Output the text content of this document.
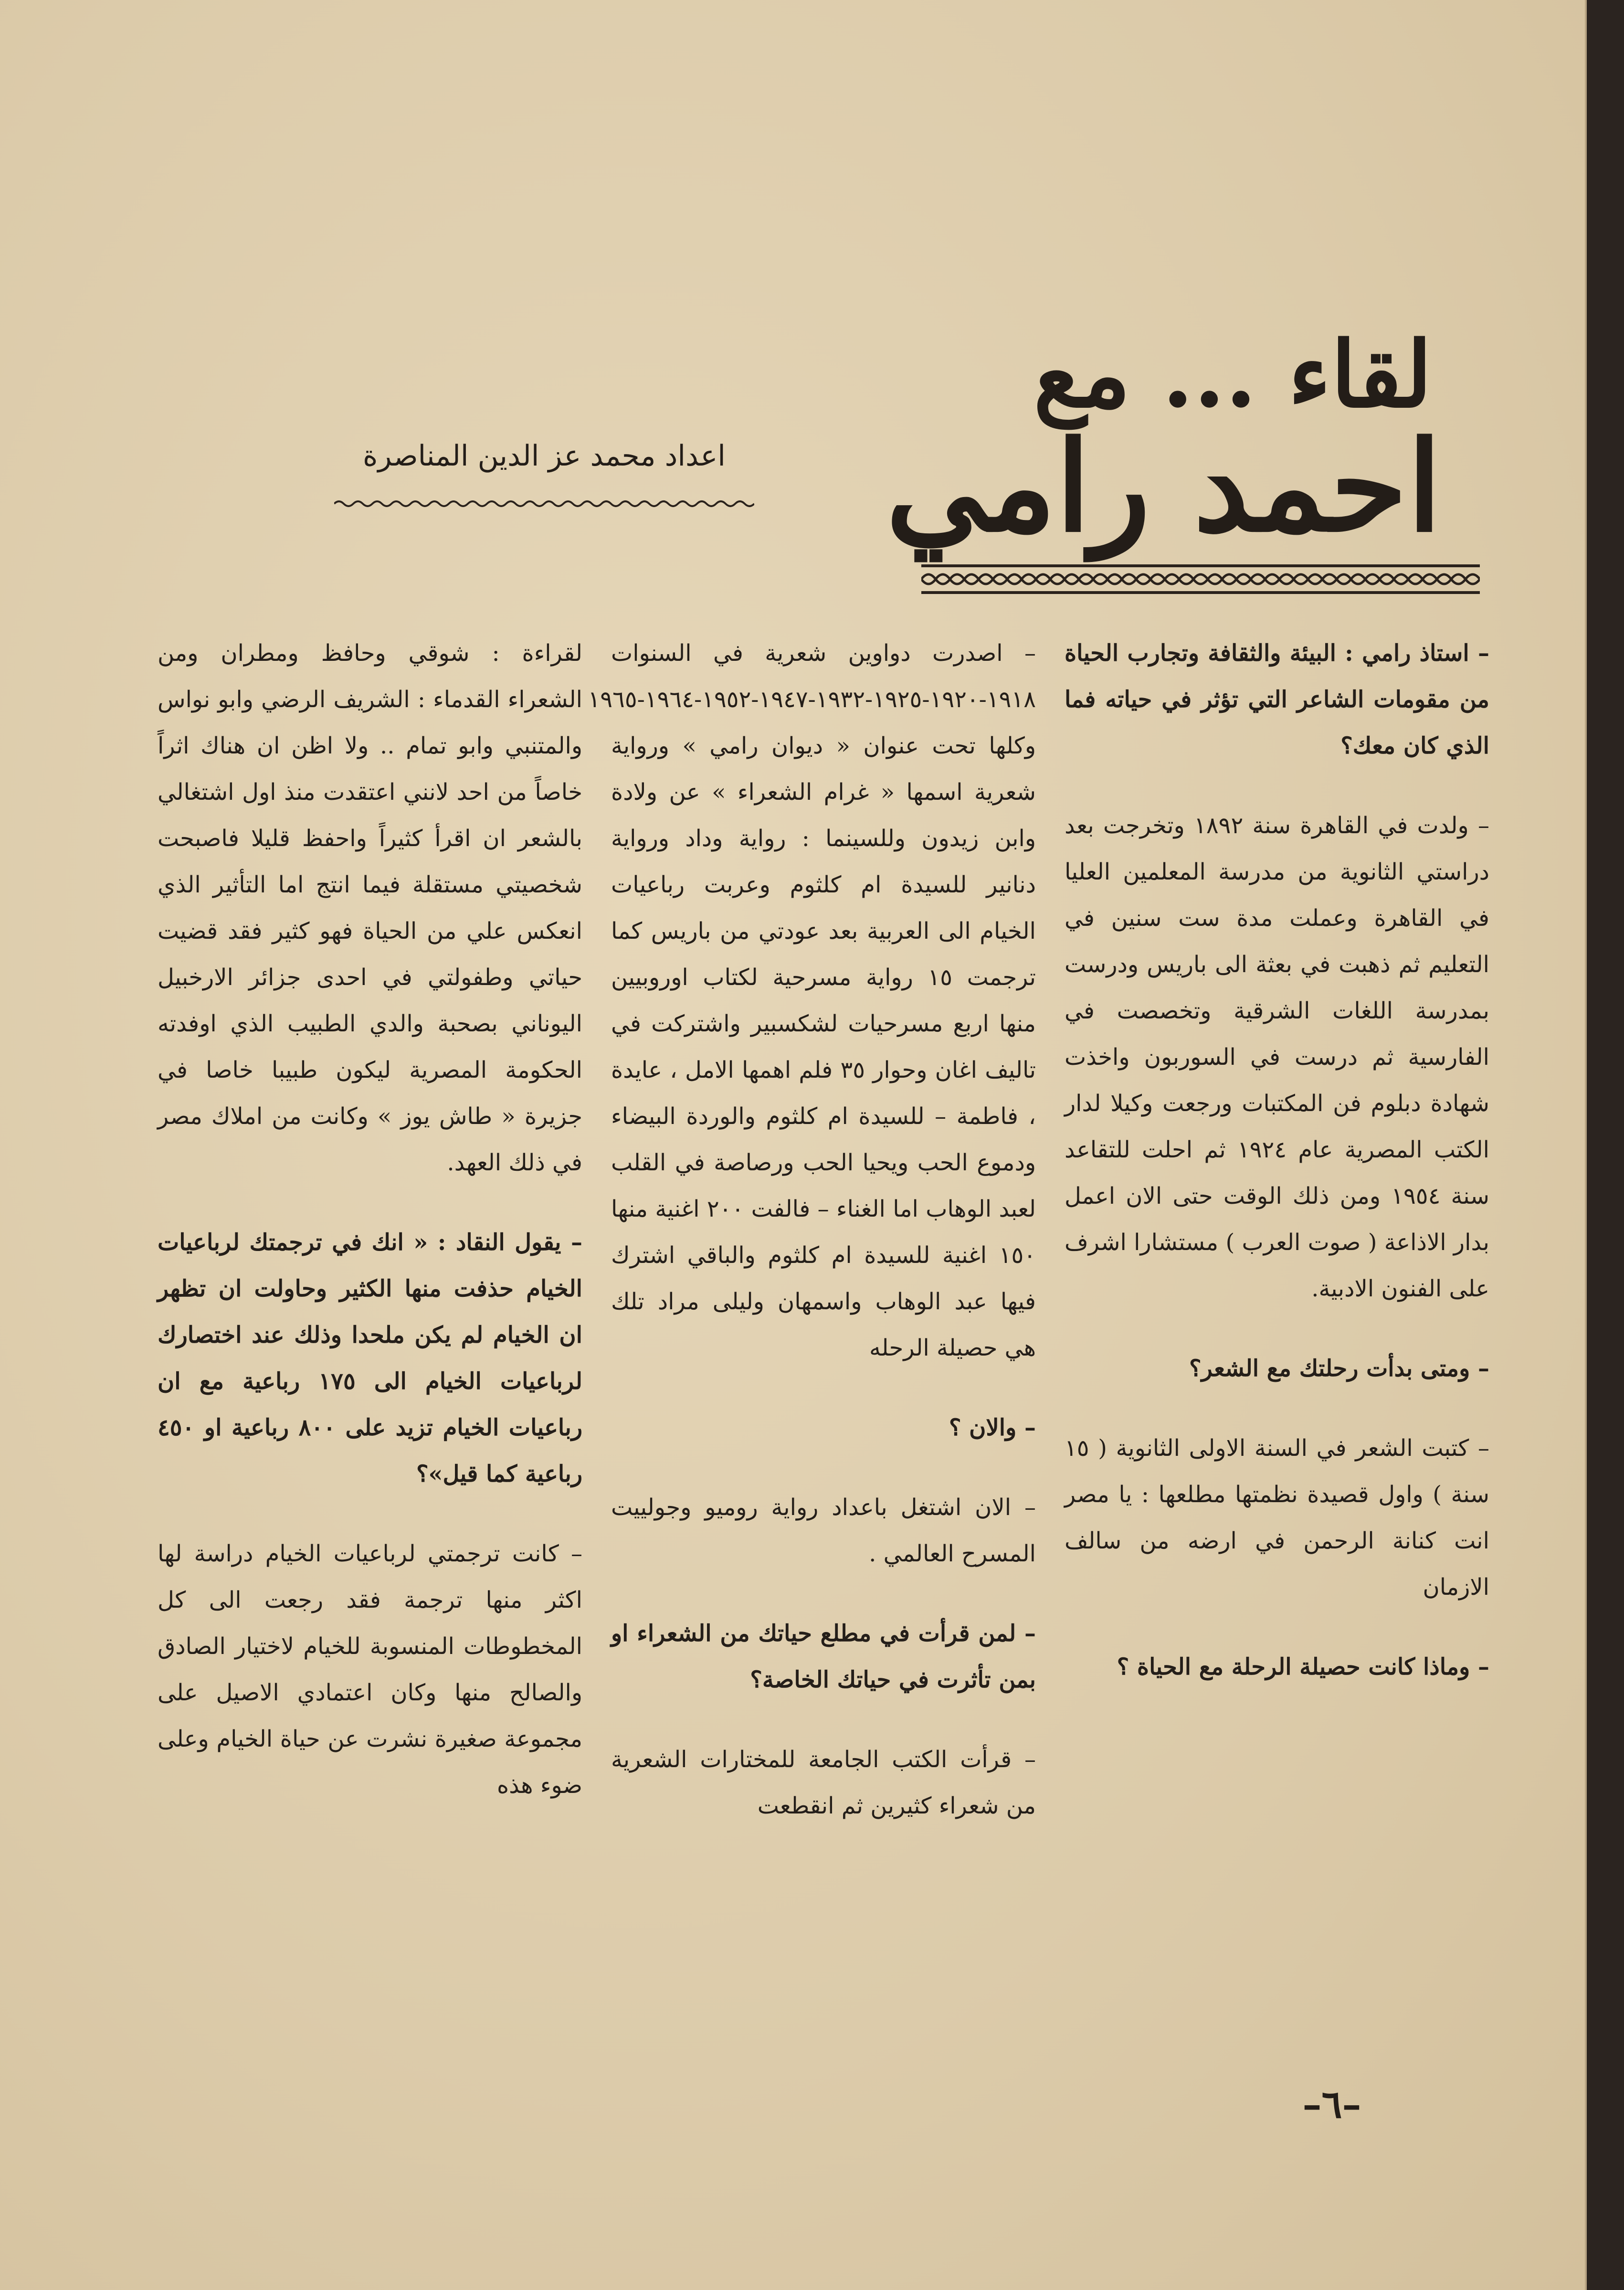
لقاء ... مع
احمد رامي
اعداد محمد عز الدين المناصرة

– استاذ رامي : البيئة والثقافة وتجارب الحياة من مقومات الشاعر التي تؤثر في حياته فما الذي كان معك؟

– ولدت في القاهرة سنة ١٨٩٢ وتخرجت بعد دراستي الثانوية من مدرسة المعلمين العليا في القاهرة وعملت مدة ست سنين في التعليم ثم ذهبت في بعثة الى باريس ودرست بمدرسة اللغات الشرقية وتخصصت في الفارسية ثم درست في السوربون واخذت شهادة دبلوم فن المكتبات ورجعت وكيلا لدار الكتب المصرية عام ١٩٢٤ ثم احلت للتقاعد سنة ١٩٥٤ ومن ذلك الوقت حتى الان اعمل بدار الاذاعة ( صوت العرب ) مستشارا اشرف على الفنون الادبية.

– ومتى بدأت رحلتك مع الشعر؟

– كتبت الشعر في السنة الاولى الثانوية ( ١٥ سنة ) واول قصيدة نظمتها مطلعها : يا مصر انت كنانة الرحمن في ارضه من سالف الازمان

– وماذا كانت حصيلة الرحلة مع الحياة ؟

– اصدرت دواوين شعرية في السنوات ١٩١٨-١٩٢٠-١٩٢٥-١٩٣٢-١٩٤٧-١٩٥٢-١٩٦٤-١٩٦٥ وكلها تحت عنوان « ديوان رامي » ورواية شعرية اسمها « غرام الشعراء » عن ولادة وابن زيدون وللسينما : رواية وداد ورواية دنانير للسيدة ام كلثوم وعربت رباعيات الخيام الى العربية بعد عودتي من باريس كما ترجمت ١٥ رواية مسرحية لكتاب اوروبيين منها اربع مسرحيات لشكسبير واشتركت في تاليف اغان وحوار ٣٥ فلم اهمها الامل ، عايدة ، فاطمة – للسيدة ام كلثوم والوردة البيضاء ودموع الحب ويحيا الحب ورصاصة في القلب لعبد الوهاب اما الغناء – فالفت ٢٠٠ اغنية منها ١٥٠ اغنية للسيدة ام كلثوم والباقي اشترك فيها عبد الوهاب واسمهان وليلى مراد تلك هي حصيلة الرحله

– والان ؟

– الان اشتغل باعداد رواية روميو وجولييت المسرح العالمي .

– لمن قرأت في مطلع حياتك من الشعراء او بمن تأثرت في حياتك الخاصة؟

– قرأت الكتب الجامعة للمختارات الشعرية من شعراء كثيرين ثم انقطعت

لقراءة : شوقي وحافظ ومطران ومن الشعراء القدماء : الشريف الرضي وابو نواس والمتنبي وابو تمام .. ولا اظن ان هناك اثراً خاصاً من احد لانني اعتقدت منذ اول اشتغالي بالشعر ان اقرأ كثيراً واحفظ قليلا فاصبحت شخصيتي مستقلة فيما انتج اما التأثير الذي انعكس علي من الحياة فهو كثير فقد قضيت حياتي وطفولتي في احدى جزائر الارخبيل اليوناني بصحبة والدي الطبيب الذي اوفدته الحكومة المصرية ليكون طبيبا خاصا في جزيرة « طاش يوز » وكانت من املاك مصر في ذلك العهد.

– يقول النقاد : « انك في ترجمتك لرباعيات الخيام حذفت منها الكثير وحاولت ان تظهر ان الخيام لم يكن ملحدا وذلك عند اختصارك لرباعيات الخيام الى ١٧٥ رباعية مع ان رباعيات الخيام تزيد على ٨٠٠ رباعية او ٤٥٠ رباعية كما قيل»؟

– كانت ترجمتي لرباعيات الخيام دراسة لها اكثر منها ترجمة فقد رجعت الى كل المخطوطات المنسوبة للخيام لاختيار الصادق والصالح منها وكان اعتمادي الاصيل على مجموعة صغيرة نشرت عن حياة الخيام وعلى ضوء هذه

–٦–
